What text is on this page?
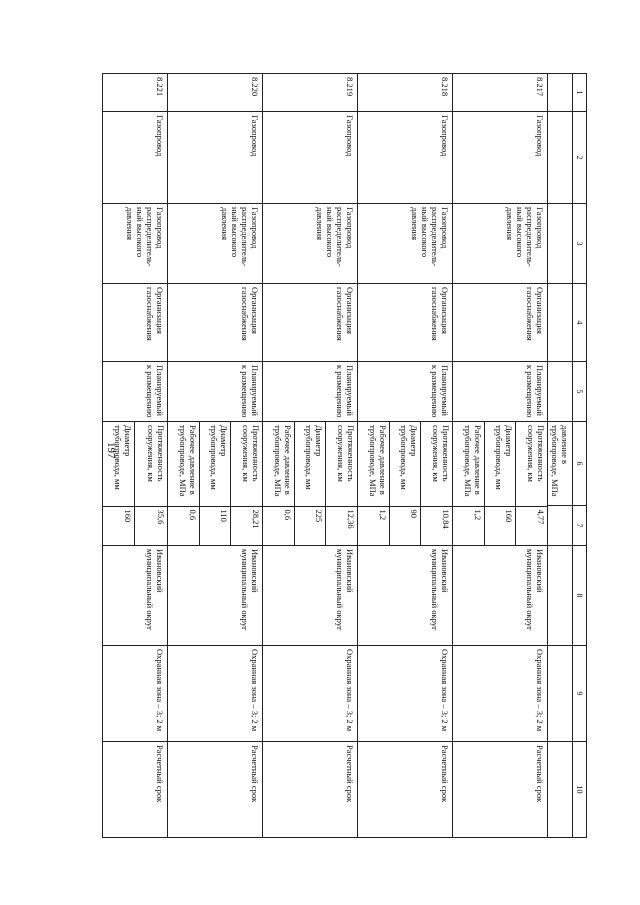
197
1	2	3	4	5	6	7	8	9	10
					давление в трубопроводе, МПа				
8.217	Газопровод	Газопровод распределитель-ный высокого давления	Организация газоснабжения	Планируемый к размещению	
Протяженность сооружения, км	4,77
Диаметр трубопровода, мм	160
Рабочее давление в трубопроводе, МПа	1,2
	Ивановский муниципальный округ	Охранная зона – 3; 2 м	Расчетный срок
8.218	Газопровод	Газопровод распределитель-ный высокого давления	Организация газоснабжения	Планируемый к размещению	
Протяженность сооружения, км	10,84
Диаметр трубопровода, мм	90
Рабочее давление в трубопроводе, МПа	1,2
	Ивановский муниципальный округ	Охранная зона – 3; 2 м	Расчетный срок
8.219	Газопровод	Газопровод распределитель-ный высокого давления	Организация газоснабжения	Планируемый к размещению	
Протяженность сооружения, км	12,36
Диаметр трубопровода, мм	225
Рабочее давление в трубопроводе, МПа	0,6
	Ивановский муниципальный округ	Охранная зона – 3; 2 м	Расчетный срок
8.220	Газопровод	Газопровод распределитель-ный высокого давления	Организация газоснабжения	Планируемый к размещению	
Протяженность сооружения, км	28,21
Диаметр трубопровода, мм	110
Рабочее давление в трубопроводе, МПа	0,6
	Ивановский муниципальный округ	Охранная зона – 3; 2 м	Расчетный срок
8.221	Газопровод	Газопровод распределитель-ный высокого давления	Организация газоснабжения	Планируемый к размещению	
Протяженность сооружения, км	35,6
Диаметр трубопровода, мм	160
	Ивановский муниципальный округ	Охранная зона – 3; 2 м	Расчетный срок
